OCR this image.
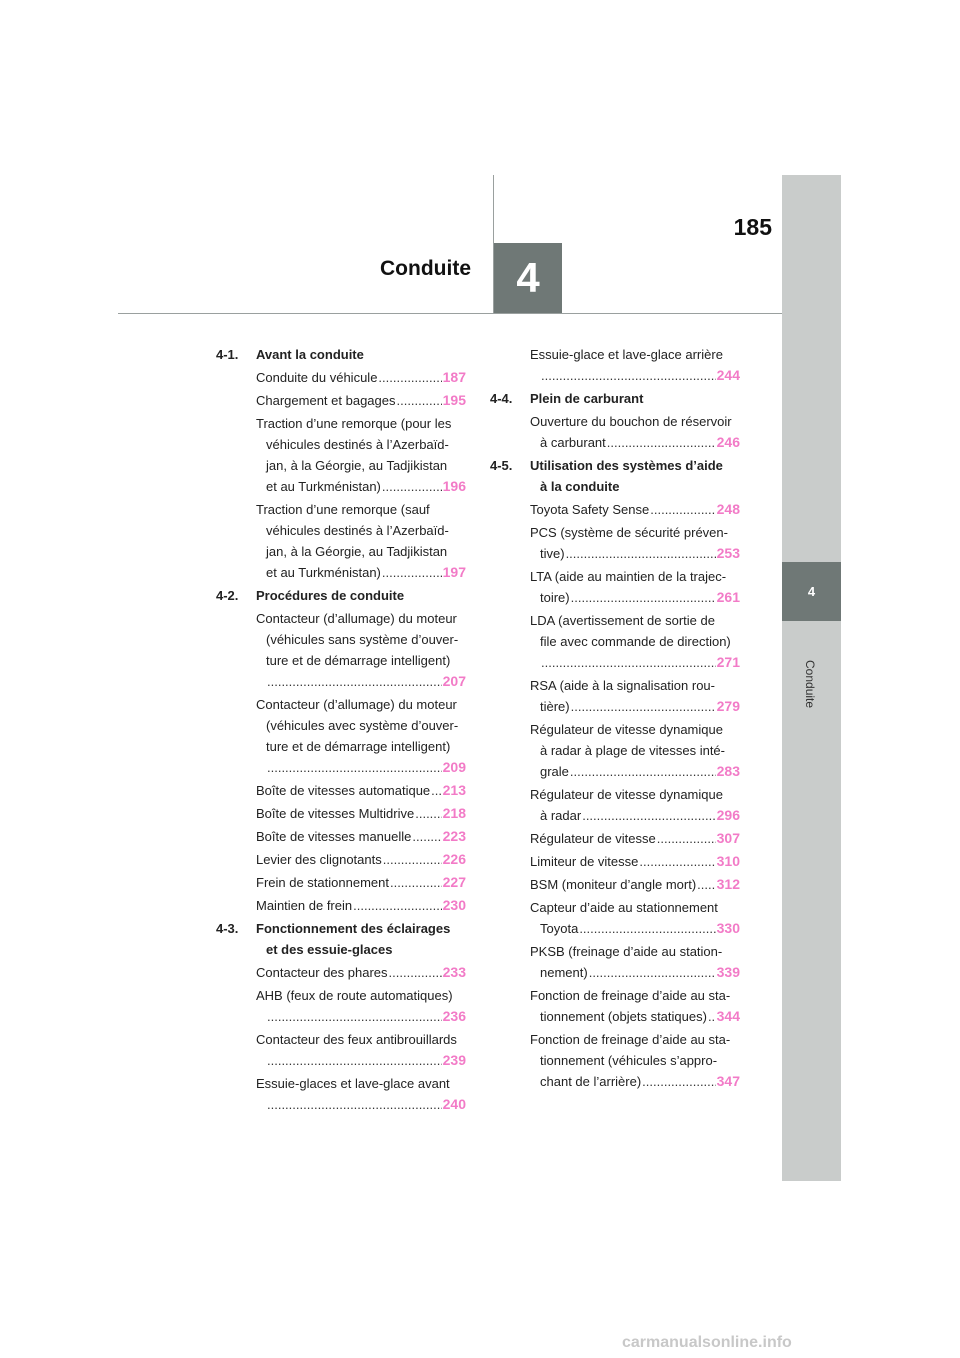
4
185
Conduite
4
Conduite
4-1. Avant la conduite
Conduite du véhicule .....	187
Chargement et bagages .....	195
Traction d’une remorque (pour les
véhicules destinés à l’Azerbaïd-
jan, à la Géorgie, au Tadjikistan
et au Turkménistan) .....	196
Traction d’une remorque (sauf
véhicules destinés à l’Azerbaïd-
jan, à la Géorgie, au Tadjikistan
et au Turkménistan) .....	197
4-2. Procédures de conduite
Contacteur (d’allumage) du moteur
(véhicules sans système d’ouver-
ture et de démarrage intelligent)
.....
207
Contacteur (d’allumage) du moteur
(véhicules avec système d’ouver-
ture et de démarrage intelligent)
.....
209
Boîte de vitesses automatique ..... 213
Boîte de vitesses Multidrive ..... 218
Boîte de vitesses manuelle ..... 223
Levier des clignotants .....	226
Frein de stationnement .....	227
Maintien de frein .....	230
4-3. Fonctionnement des éclairages
et des essuie-glaces
Contacteur des phares .....	233
AHB (feux de route automatiques)
.....
236
Contacteur des feux antibrouillards
.....
239
Essuie-glaces et lave-glace avant
.....
240
Essuie-glace et lave-glace arrière
.....
244
4-4. Plein de carburant
Ouverture du bouchon de réservoir
à carburant .....	246
4-5. Utilisation des systèmes d’aide
à la conduite
Toyota Safety Sense .....	248
PCS (système de sécurité préven-
tive) .....	253
LTA (aide au maintien de la trajec-
toire) .....	261
LDA (avertissement de sortie de
file avec commande de direction)
.....
271
RSA (aide à la signalisation rou-
tière) .....	279
Régulateur de vitesse dynamique
à radar à plage de vitesses inté-
grale .....	283
Régulateur de vitesse dynamique
à radar .....	296
Régulateur de vitesse .....	307
Limiteur de vitesse .....	310
BSM (moniteur d’angle mort) ..... 312
Capteur d’aide au stationnement
Toyota .....	330
PKSB (freinage d’aide au station-
nement) .....	339
Fonction de freinage d’aide au sta-
tionnement (objets statiques) ..... 344
Fonction de freinage d’aide au sta-
tionnement (véhicules s’appro-
chant de l’arrière) .....	347
carmanualsonline.info
